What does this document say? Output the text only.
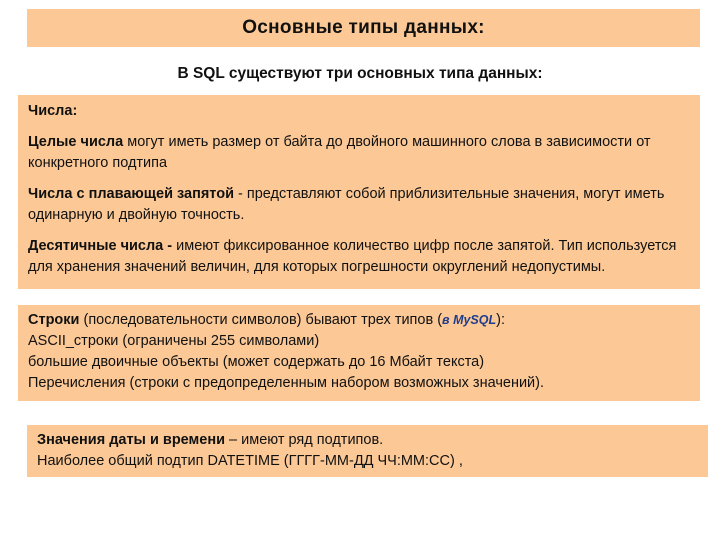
Основные типы данных:
В SQL существуют три основных типа данных:

Числа:

Целые числа могут иметь размер от байта до двойного машинного слова в зависимости от конкретного подтипа

Числа с плавающей запятой - представляют собой приблизительные значения, могут иметь одинарную и двойную точность.

Десятичные числа - имеют фиксированное количество цифр после запятой. Тип используется для хранения значений величин, для которых погрешности округлений недопустимы.

Строки (последовательности символов) бывают трех типов (в MySQL):
ASCII_строки (ограничены 255 символами)
большие двоичные объекты (может содержать до 16 Мбайт текста)
Перечисления (строки с предопределенным набором возможных значений).
Значения даты и времени – имеют ряд подтипов.
Наиболее общий подтип DATETIME (ГГГГ-ММ-ДД ЧЧ:ММ:СС) ,
